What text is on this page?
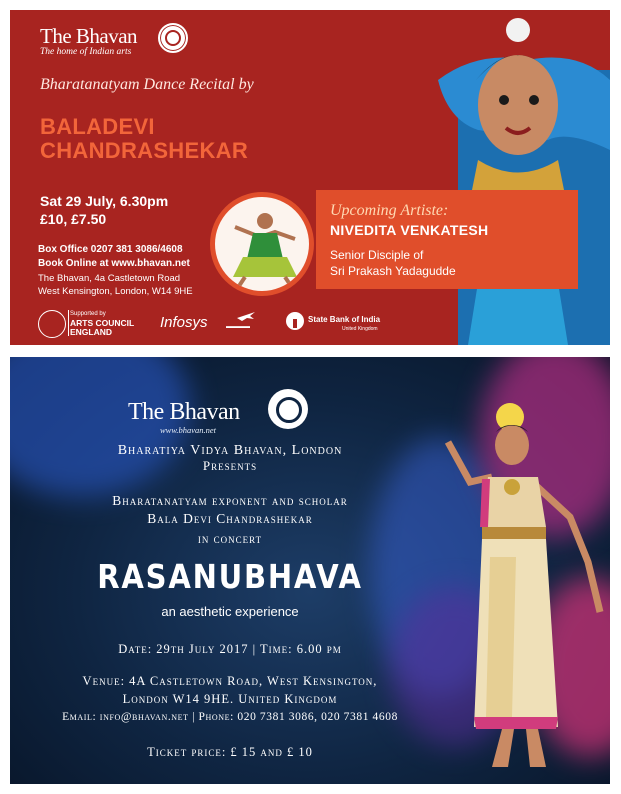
The Bhavan
The home of Indian arts
Bharatanatyam Dance Recital by
BALADEVI
CHANDRASHEKAR
Sat 29 July, 6.30pm
£10, £7.50
Box Office 0207 381 3086/4608
Book Online at www.bhavan.net
The Bhavan, 4a Castletown Road
West Kensington, London, W14 9HE
Supported by
ARTS COUNCIL
ENGLAND
Infosys	▬▬▬▬
State Bank of India
United Kingdom
Upcoming Artiste:
NIVEDITA VENKATESH
Senior Disciple of
Sri Prakash Yadagudde
The Bhavan
www.bhavan.net
Bharatiya Vidya Bhavan, London
Presents
Bharatanatyam exponent and scholar
Bala Devi Chandrashekar
in concert
RASANUBHAVA
an aesthetic experience
Date: 29th July 2017 | Time: 6.00 pm
Venue: 4A Castletown Road, West Kensington,
London W14 9HE. United Kingdom
Email: info@bhavan.net | Phone: 020 7381 3086, 020 7381 4608
Ticket price: £ 15 and £ 10
